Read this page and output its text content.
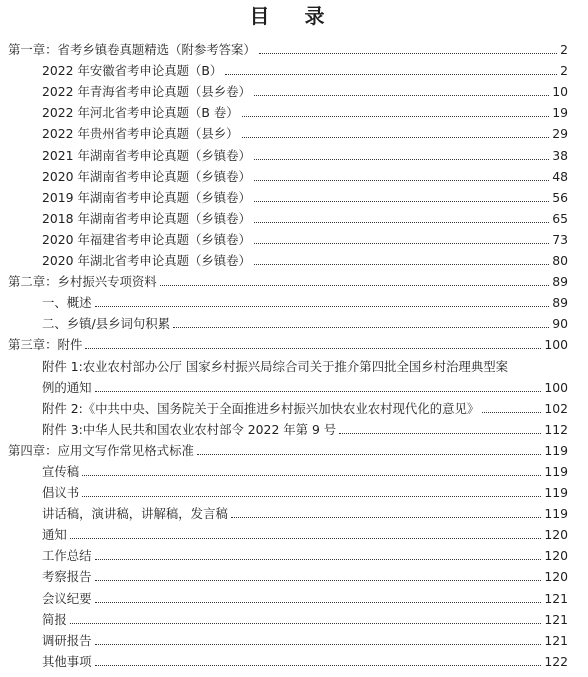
目 录
第一章：省考乡镇卷真题精选（附参考答案）	2
2022 年安徽省考申论真题（B）	2
2022 年青海省考申论真题（县乡卷）	10
2022 年河北省考申论真题（B 卷）	19
2022 年贵州省考申论真题（县乡）	29
2021 年湖南省考申论真题（乡镇卷）	38
2020 年湖南省考申论真题（乡镇卷）	48
2019 年湖南省考申论真题（乡镇卷）	56
2018 年湖南省考申论真题（乡镇卷）	65
2020 年福建省考申论真题（乡镇卷）	73
2020 年湖北省考申论真题（乡镇卷）	80
第二章：乡村振兴专项资料	89
一、概述	89
二、乡镇/县乡词句积累	90
第三章：附件	100
附件 1:农业农村部办公厅 国家乡村振兴局综合司关于推介第四批全国乡村治理典型案
例的通知	100
附件 2:《中共中央、国务院关于全面推进乡村振兴加快农业农村现代化的意见》	102
附件 3:中华人民共和国农业农村部令 2022 年第 9 号	112
第四章：应用文写作常见格式标准	119
宣传稿	119
倡议书	119
讲话稿，演讲稿，讲解稿，发言稿	119
通知	120
工作总结	120
考察报告	120
会议纪要	121
简报	121
调研报告	121
其他事项	122
